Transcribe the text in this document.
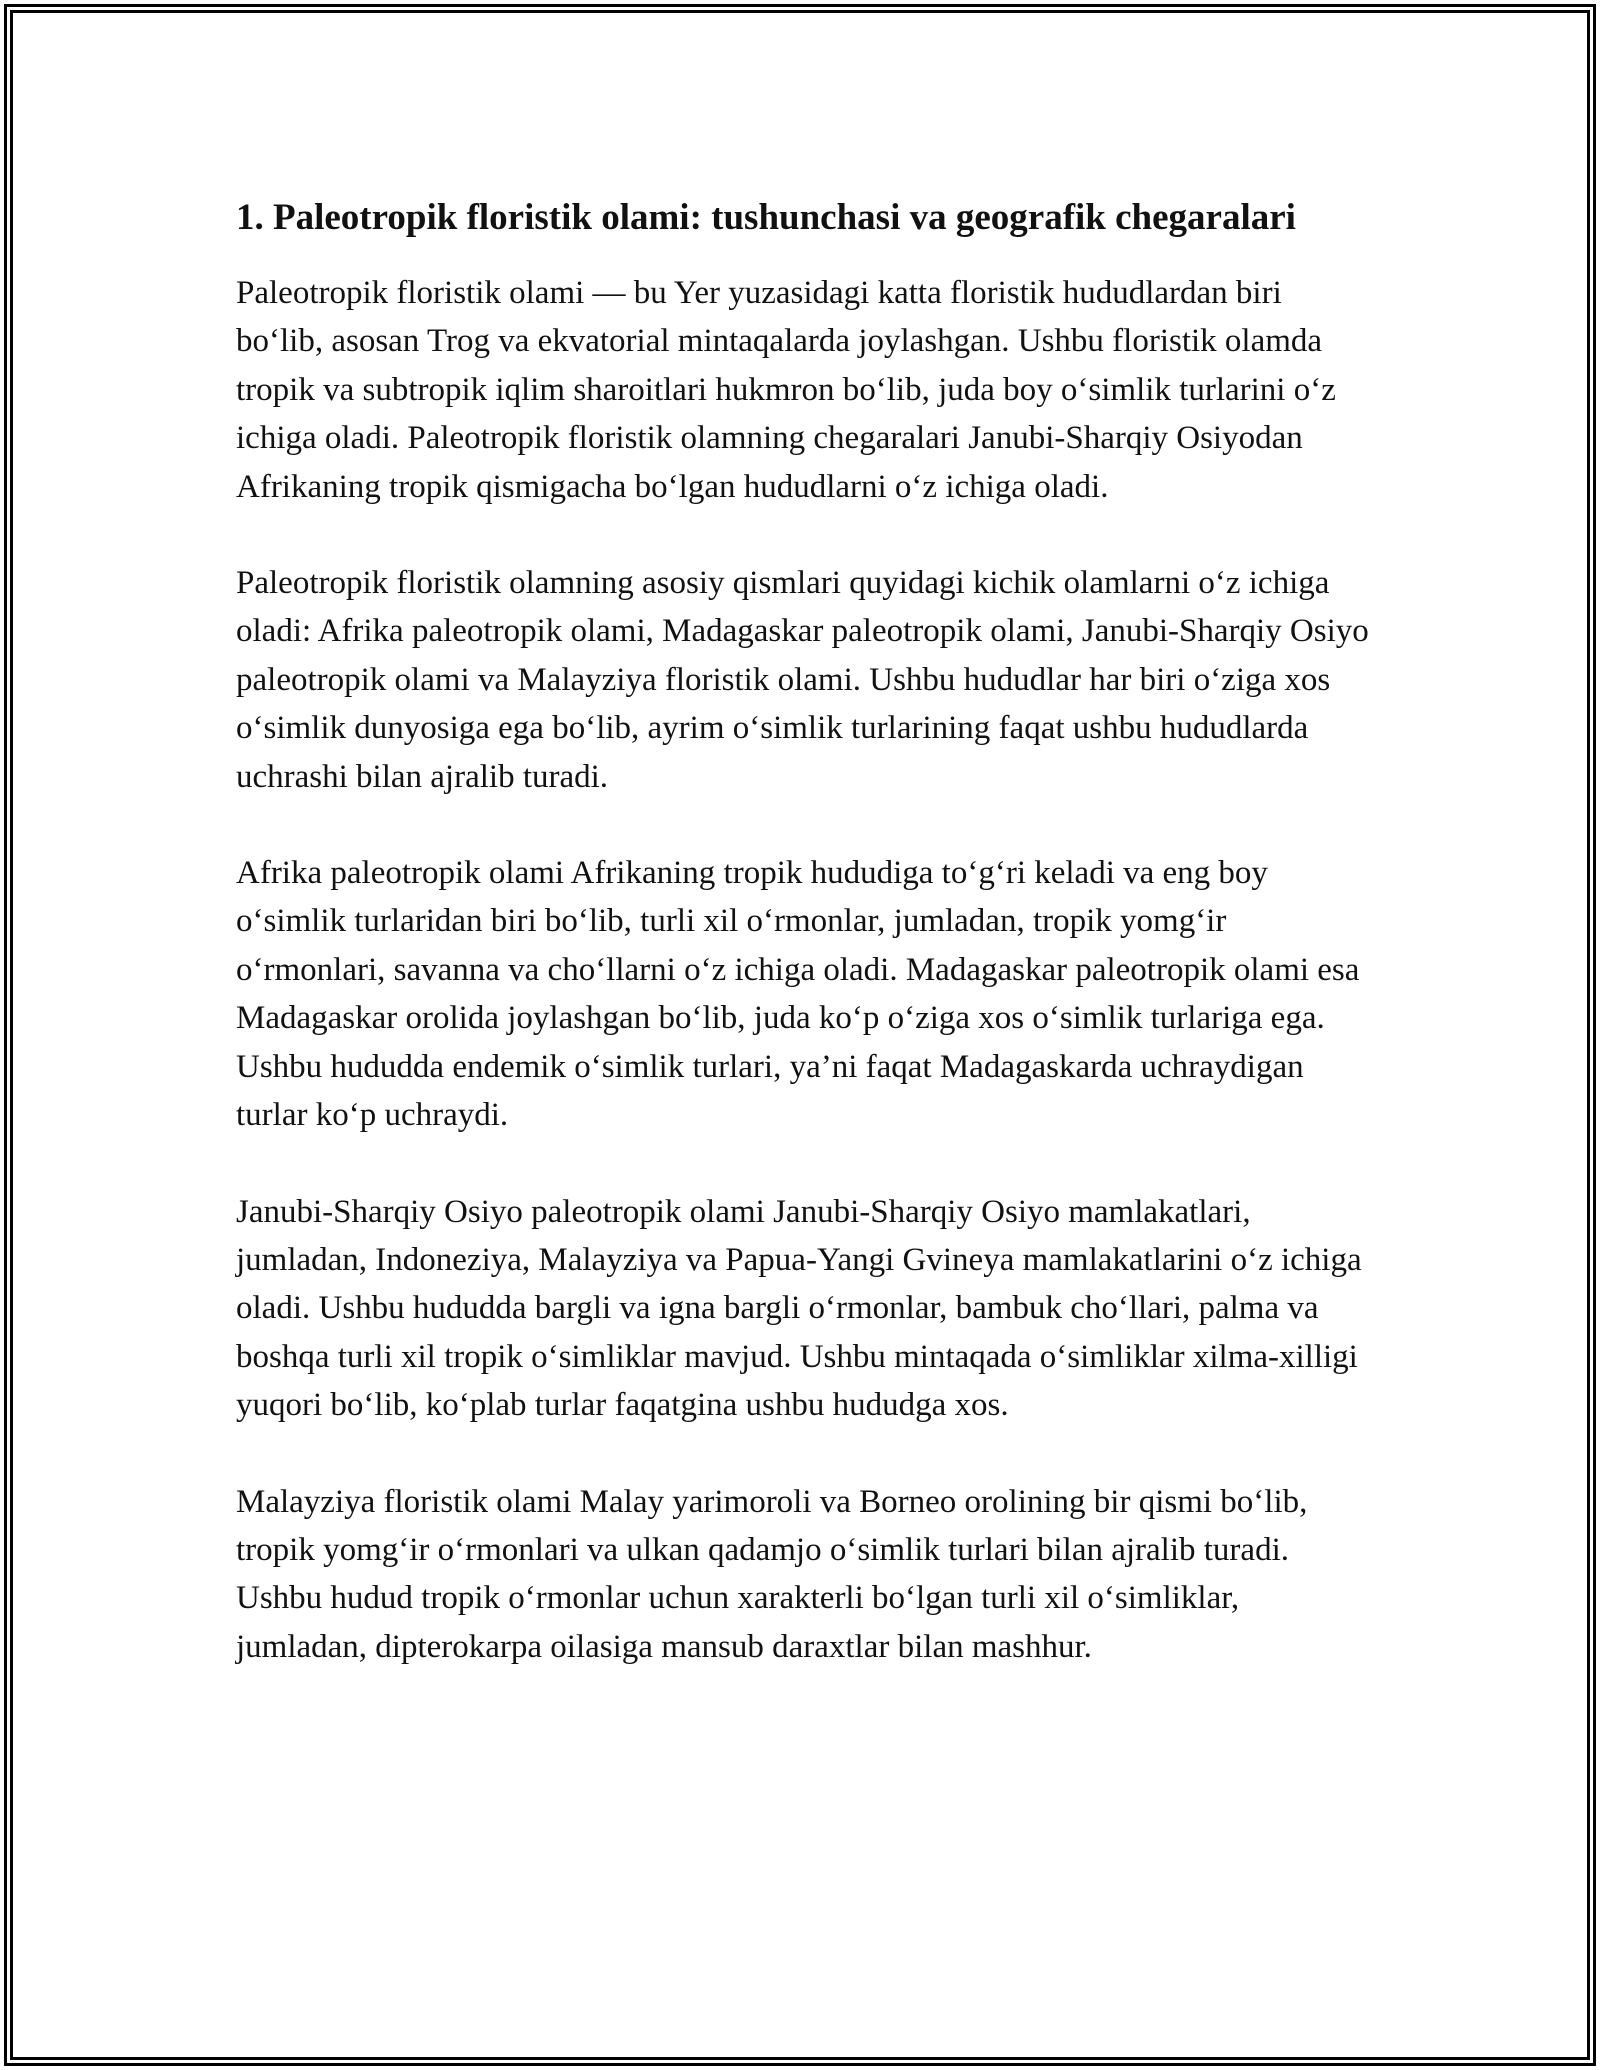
1. Paleotropik floristik olami: tushunchasi va geografik chegaralari

Paleotropik floristik olami — bu Yer yuzasidagi katta floristik hududlardan biri bo‘lib, asosan Trog va ekvatorial mintaqalarda joylashgan. Ushbu floristik olamda tropik va subtropik iqlim sharoitlari hukmron bo‘lib, juda boy o‘simlik turlarini o‘z ichiga oladi. Paleotropik floristik olamning chegaralari Janubi-Sharqiy Osiyodan Afrikaning tropik qismigacha bo‘lgan hududlarni o‘z ichiga oladi.

Paleotropik floristik olamning asosiy qismlari quyidagi kichik olamlarni o‘z ichiga oladi: Afrika paleotropik olami, Madagaskar paleotropik olami, Janubi-Sharqiy Osiyo paleotropik olami va Malayziya floristik olami. Ushbu hududlar har biri o‘ziga xos o‘simlik dunyosiga ega bo‘lib, ayrim o‘simlik turlarining faqat ushbu hududlarda uchrashi bilan ajralib turadi.

Afrika paleotropik olami Afrikaning tropik hududiga to‘g‘ri keladi va eng boy o‘simlik turlaridan biri bo‘lib, turli xil o‘rmonlar, jumladan, tropik yomg‘ir o‘rmonlari, savanna va cho‘llarni o‘z ichiga oladi. Madagaskar paleotropik olami esa Madagaskar orolida joylashgan bo‘lib, juda ko‘p o‘ziga xos o‘simlik turlariga ega. Ushbu hududda endemik o‘simlik turlari, ya’ni faqat Madagaskarda uchraydigan turlar ko‘p uchraydi.

Janubi-Sharqiy Osiyo paleotropik olami Janubi-Sharqiy Osiyo mamlakatlari, jumladan, Indoneziya, Malayziya va Papua-Yangi Gvineya mamlakatlarini o‘z ichiga oladi. Ushbu hududda bargli va igna bargli o‘rmonlar, bambuk cho‘llari, palma va boshqa turli xil tropik o‘simliklar mavjud. Ushbu mintaqada o‘simliklar xilma-xilligi yuqori bo‘lib, ko‘plab turlar faqatgina ushbu hududga xos.

Malayziya floristik olami Malay yarimoroli va Borneo orolining bir qismi bo‘lib, tropik yomg‘ir o‘rmonlari va ulkan qadamjo o‘simlik turlari bilan ajralib turadi. Ushbu hudud tropik o‘rmonlar uchun xarakterli bo‘lgan turli xil o‘simliklar, jumladan, dipterokarpa oilasiga mansub daraxtlar bilan mashhur.
